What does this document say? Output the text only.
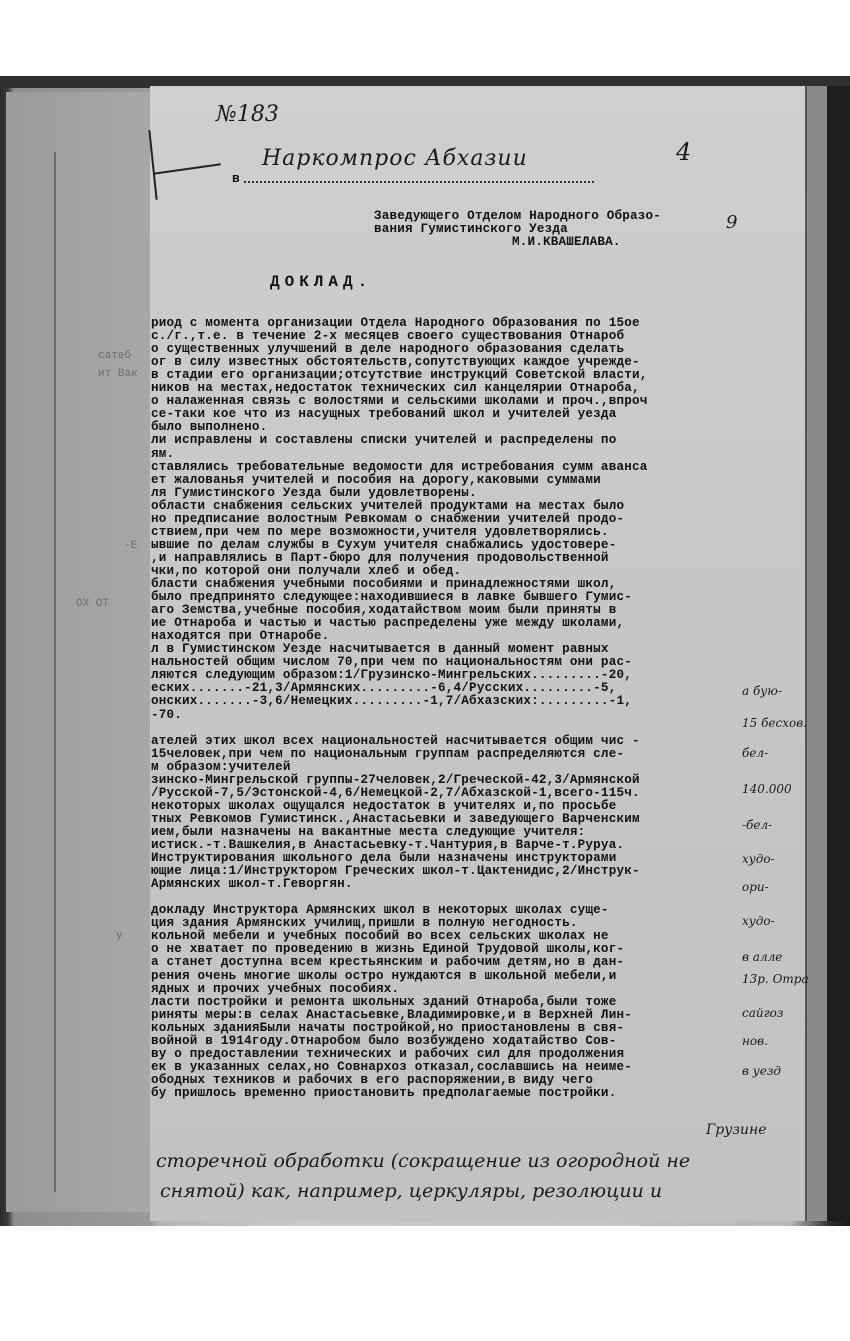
сатеб
ит Вак
-Е
ОХ ОТ
у
№183
4
в
Наркомпрос Абхазии
9
Заведующего Отделом Народного Образо-
вания Гумистинского Уезда
М.И.КВАШЕЛАВА.
ДОКЛАД.
риод с момента организации Отдела Народного Образования по 15ое
с./г.,т.е. в течение 2-х месяцев своего существования Отнароб
о существенных улучшений в деле народного образования сделать
ог в силу известных обстоятельств,сопутствующих каждое учрежде-
в стадии его организации;отсутствие инструкций Советской власти,
ников на местах,недостаток технических сил канцелярии Отнароба,
о налаженная связь с волостями и сельскими школами и проч.,впроч
се-таки кое что из насущных требований школ и учителей уезда
было выполнено.
ли исправлены и составлены списки учителей и распределены по
ям.
ставлялись требовательные ведомости для истребования сумм аванса
ет жалованья учителей и пособия на дорогу,каковыми суммами
ля Гумистинского Уезда были удовлетворены.
области снабжения сельских учителей продуктами на местах было
но предписание волостным Ревкомам о снабжении учителей продо-
ствием,при чем по мере возможности,учителя удовлетворялись.
ывшие по делам службы в Сухум учителя снабжались удостовере-
,и направлялись в Парт-бюро для получения продовольственной
чки,по которой они получали хлеб и обед.
бласти снабжения учебными пособиями и принадлежностями школ,
было предпринято следующее:находившиеся в лавке бывшего Гумис-
аго Земства,учебные пособия,ходатайством моим были приняты в
ие Отнароба и частью и частью распределены уже между школами,
находятся при Отнаробе.
л в Гумистинском Уезде насчитывается в данный момент равных
нальностей общим числом 70,при чем по национальностям они рас-
ляются следующим образом:1/Грузинско-Мингрельских.........-20,
еских.......-21,3/Армянских.........-6,4/Русских.........-5,
онских.......-3,6/Немецких.........-1,7/Абхазских:.........-1,
-70.
ателей этих школ всех национальностей насчитывается общим чис -
15человек,при чем по национальным группам распределяются сле-
м образом:учителей
зинско-Мингрельской группы-27человек,2/Греческой-42,3/Армянской
/Русской-7,5/Эстонской-4,6/Немецкой-2,7/Абхазской-1,всего-115ч.
некоторых школах ощущался недостаток в учителях и,по просьбе
тных Ревкомов Гумистинск.,Анастасьевки и заведующего Варченским
ием,были назначены на вакантные места следующие учителя:
истиск.-т.Вашкелия,в Анастасьевку-т.Чантурия,в Варче-т.Руруа.
Инструктирования школьного дела были назначены инструкторами
ющие лица:1/Инструктором Греческих школ-т.Цактенидис,2/Инструк-
Армянских школ-т.Геворгян.
докладу Инструктора Армянских школ в некоторых школах суще-
ция здания Армянских училищ,пришли в полную негодность.
кольной мебели и учебных пособий во всех сельских школах не
о не хватает по проведению в жизнь Единой Трудовой школы,ког-
а станет доступна всем крестьянским и рабочим детям,но в дан-
рения очень многие школы остро нуждаются в школьной мебели,и
ядных и прочих учебных пособиях.
ласти постройки и ремонта школьных зданий Отнароба,были тоже
риняты меры:в селах Анастасьевке,Владимировке,и в Верхней Лин-
кольных зданияБыли начаты постройкой,но приостановлены в свя-
войной в 1914году.Отнаробом было возбуждено ходатайство Сов-
ву о предоставлении технических и рабочих сил для продолжения
ек в указанных селах,но Совнархоз отказал,сославшись на неиме-
ободных техников и рабочих в его распоряжении,в виду чего
бу пришлось временно приостановить предполагаемые постройки.
а бую-
15 бесхов.
бел-
140.000
-бел-
худо-
ори-
худо-
в алле
13р. Отра
сайгоз
нов.
в уезд
Грузине
сторечной обработки (сокращение из огородной не
снятой) как, например, церкуляры, резолюции и
